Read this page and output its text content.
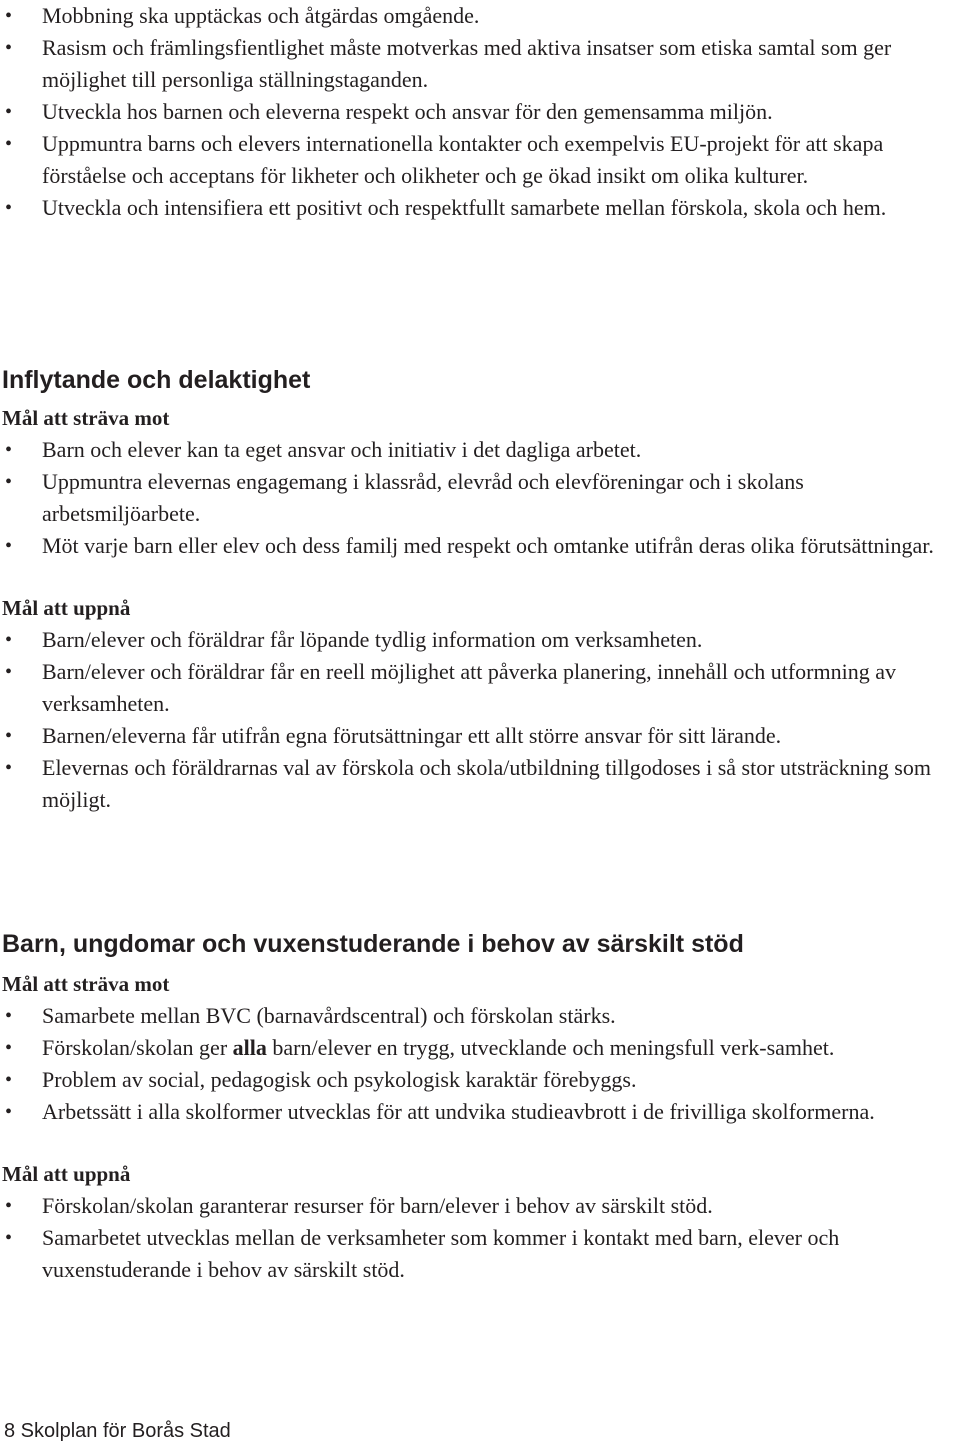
• Mobbning ska upptäckas och åtgärdas omgående.
• Rasism och främlingsfientlighet måste motverkas med aktiva insatser som etiska samtal som ger möjlighet till personliga ställningstaganden.
• Utveckla hos barnen och eleverna respekt och ansvar för den gemensamma miljön.
• Uppmuntra barns och elevers internationella kontakter och exempelvis EU-projekt för att skapa förståelse och acceptans för likheter och olikheter och ge ökad insikt om olika kulturer.
• Utveckla och intensifiera ett positivt och respektfullt samarbete mellan förskola, skola och hem.
Inflytande och delaktighet
Mål att sträva mot
• Barn och elever kan ta eget ansvar och initiativ i det dagliga arbetet.
• Uppmuntra elevernas engagemang i klassråd, elevråd och elevföreningar och i skolans arbetsmiljöarbete.
• Möt varje barn eller elev och dess familj med respekt och omtanke utifrån deras olika förutsättningar.
Mål att uppnå
• Barn/elever och föräldrar får löpande tydlig information om verksamheten.
• Barn/elever och föräldrar får en reell möjlighet att påverka planering, innehåll och utformning av verksamheten.
• Barnen/eleverna får utifrån egna förutsättningar ett allt större ansvar för sitt lärande.
• Elevernas och föräldrarnas val av förskola och skola/utbildning tillgodoses i så stor utsträckning som möjligt.
Barn, ungdomar och vuxenstuderande i behov av särskilt stöd
Mål att sträva mot
• Samarbete mellan BVC (barnavårdscentral) och förskolan stärks.
• Förskolan/skolan ger alla barn/elever en trygg, utvecklande och meningsfull verk-samhet.
• Problem av social, pedagogisk och psykologisk karaktär förebyggs.
• Arbetssätt i alla skolformer utvecklas för att undvika studieavbrott i de frivilliga skolformerna.
Mål att uppnå
• Förskolan/skolan garanterar resurser för barn/elever i behov av särskilt stöd.
• Samarbetet utvecklas mellan de verksamheter som kommer i kontakt med barn, elever och vuxenstuderande i behov av särskilt stöd.
8 Skolplan för Borås Stad
